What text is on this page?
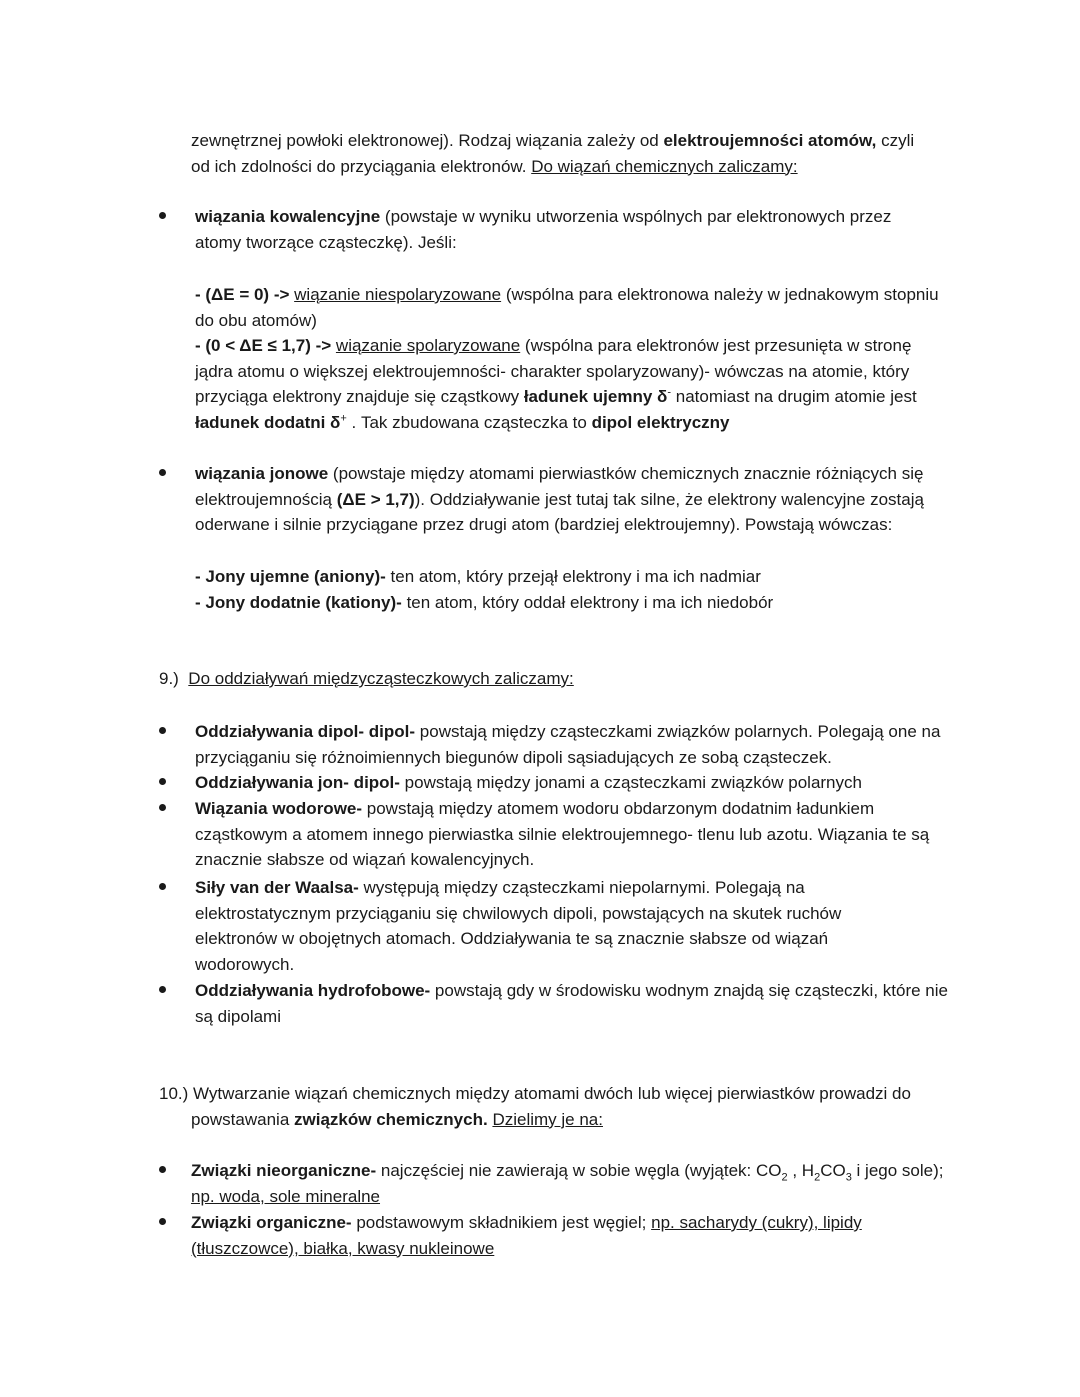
zewnętrznej powłoki elektronowej). Rodzaj wiązania zależy od elektroujemności atomów, czyli

od ich zdolności do przyciągania elektronów. Do wiązań chemicznych zaliczamy:

wiązania kowalencyjne (powstaje w wyniku utworzenia wspólnych par elektronowych przez atomy tworzące cząsteczkę). Jeśli:

- (ΔE = 0) -> wiązanie niespolaryzowane (wspólna para elektronowa należy w jednakowym stopniu do obu atomów)

- (0 < ΔE ≤ 1,7) -> wiązanie spolaryzowane (wspólna para elektronów jest przesunięta w stronę jądra atomu o większej elektroujemności- charakter spolaryzowany)- wówczas na atomie, który przyciąga elektrony znajduje się cząstkowy ładunek ujemny δ- natomiast na drugim atomie jest ładunek dodatni δ+ . Tak zbudowana cząsteczka to dipol elektryczny

wiązania jonowe (powstaje między atomami pierwiastków chemicznych znacznie różniących się elektroujemnością (ΔE > 1,7)). Oddziaływanie jest tutaj tak silne, że elektrony walencyjne zostają oderwane i silnie przyciągane przez drugi atom (bardziej elektroujemny). Powstają wówczas:

- Jony ujemne (aniony)- ten atom, który przejął elektrony i ma ich nadmiar

- Jony dodatnie (kationy)- ten atom, który oddał elektrony i ma ich niedobór

9.) Do oddziaływań międzycząsteczkowych zaliczamy:

Oddziaływania dipol- dipol- powstają między cząsteczkami związków polarnych. Polegają one na przyciąganiu się różnoimiennych biegunów dipoli sąsiadujących ze sobą cząsteczek.

Oddziaływania jon- dipol- powstają między jonami a cząsteczkami związków polarnych

Wiązania wodorowe- powstają między atomem wodoru obdarzonym dodatnim ładunkiem cząstkowym a atomem innego pierwiastka silnie elektroujemnego- tlenu lub azotu. Wiązania te są znacznie słabsze od wiązań kowalencyjnych.

Siły van der Waalsa- występują między cząsteczkami niepolarnymi. Polegają na elektrostatycznym przyciąganiu się chwilowych dipoli, powstających na skutek ruchów elektronów w obojętnych atomach. Oddziaływania te są znacznie słabsze od wiązań wodorowych.

Oddziaływania hydrofobowe- powstają gdy w środowisku wodnym znajdą się cząsteczki, które nie są dipolami

10.) Wytwarzanie wiązań chemicznych między atomami dwóch lub więcej pierwiastków prowadzi do powstawania związków chemicznych. Dzielimy je na:

Związki nieorganiczne- najczęściej nie zawierają w sobie węgla (wyjątek: $CO_2$ , $H_2CO_3$ i jego sole); np. woda, sole mineralne

Związki organiczne- podstawowym składnikiem jest węgiel; np. sacharydy (cukry), lipidy (tłuszczowce), białka, kwasy nukleinowe
